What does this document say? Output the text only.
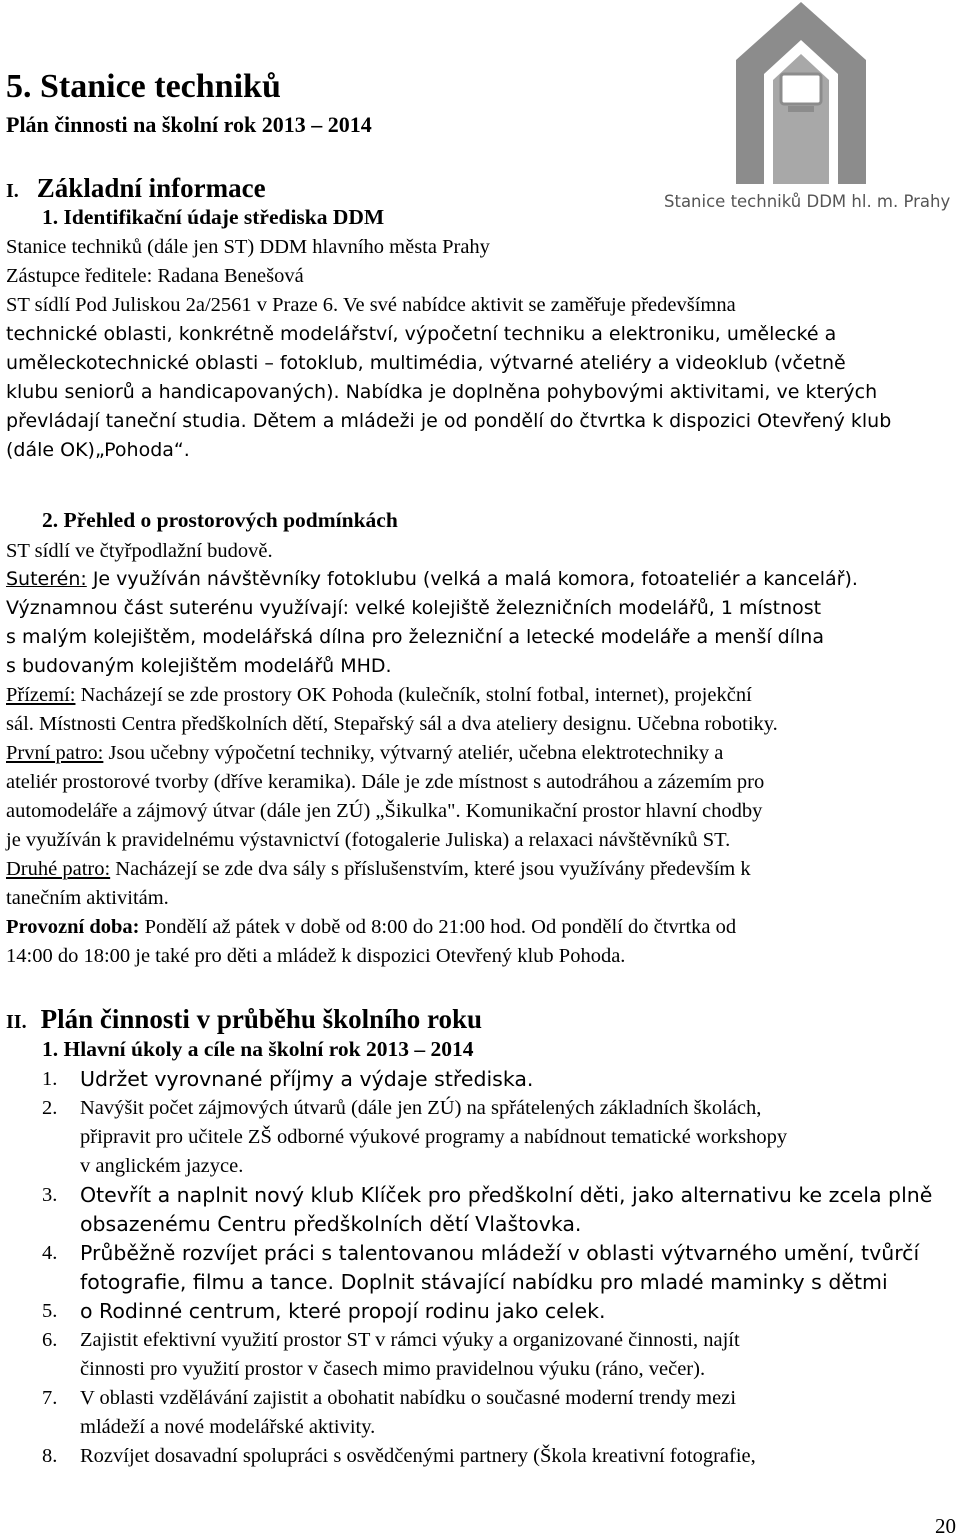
5. Stanice techniků
Plán činnosti na školní rok 2013 – 2014
Stanice techniků DDM hl. m. Prahy
I. Základní informace
1. Identifikační údaje střediska DDM
Stanice techniků (dále jen ST) DDM hlavního města Prahy
Zástupce ředitele: Radana Benešová
ST sídlí Pod Juliskou 2a/2561 v Praze 6. Ve své nabídce aktivit se zaměřuje předevšímna
technické oblasti, konkrétně modelářství, výpočetní techniku a elektroniku, umělecké a
uměleckotechnické oblasti – fotoklub, multimédia, výtvarné ateliéry a videoklub (včetně
klubu seniorů a handicapovaných). Nabídka je doplněna pohybovými aktivitami, ve kterých
převládají taneční studia. Dětem a mládeži je od pondělí do čtvrtka k dispozici Otevřený klub
(dále OK)„Pohoda“.
2. Přehled o prostorových podmínkách
ST sídlí ve čtyřpodlažní budově.
Suterén: Je využíván návštěvníky fotoklubu (velká a malá komora, fotoateliér a kancelář).
Významnou část suterénu využívají: velké kolejiště železničních modelářů, 1 místnost
s malým kolejištěm, modelářská dílna pro železniční a letecké modeláře a menší dílna
s budovaným kolejištěm modelářů MHD.
Přízemí: Nacházejí se zde prostory OK Pohoda (kulečník, stolní fotbal, internet), projekční
sál. Místnosti Centra předškolních dětí, Stepařský sál a dva ateliery designu. Učebna robotiky.
První patro: Jsou učebny výpočetní techniky, výtvarný ateliér, učebna elektrotechniky a
ateliér prostorové tvorby (dříve keramika). Dále je zde místnost s autodráhou a zázemím pro
automodeláře a zájmový útvar (dále jen ZÚ) „Šikulka". Komunikační prostor hlavní chodby
je využíván k pravidelnému výstavnictví (fotogalerie Juliska) a relaxaci návštěvníků ST.
Druhé patro: Nacházejí se zde dva sály s příslušenstvím, které jsou využívány především k
tanečním aktivitám.
Provozní doba: Pondělí až pátek v době od 8:00 do 21:00 hod. Od pondělí do čtvrtka od
14:00 do 18:00 je také pro děti a mládež k dispozici Otevřený klub Pohoda.
II. Plán činnosti v průběhu školního roku
1. Hlavní úkoly a cíle na školní rok 2013 – 2014
1.	Udržet vyrovnané příjmy a výdaje střediska.
2.	Navýšit počet zájmových útvarů (dále jen ZÚ) na spřátelených základních školách,
připravit pro učitele ZŠ odborné výukové programy a nabídnout tematické workshopy
v anglickém jazyce.
3.	Otevřít a naplnit nový klub Klíček pro předškolní děti, jako alternativu ke zcela plně
obsazenému Centru předškolních dětí Vlaštovka.
4.	Průběžně rozvíjet práci s talentovanou mládeží v oblasti výtvarného umění, tvůrčí
fotografie, filmu a tance. Doplnit stávající nabídku pro mladé maminky s dětmi
5.	o Rodinné centrum, které propojí rodinu jako celek.
6.	Zajistit efektivní využití prostor ST v rámci výuky a organizované činnosti, najít
činnosti pro využití prostor v časech mimo pravidelnou výuku (ráno, večer).
7.	V oblasti vzdělávání zajistit a obohatit nabídku o současné moderní trendy mezi
mládeží a nové modelářské aktivity.
8.	Rozvíjet dosavadní spolupráci s osvědčenými partnery (Škola kreativní fotografie,
20
